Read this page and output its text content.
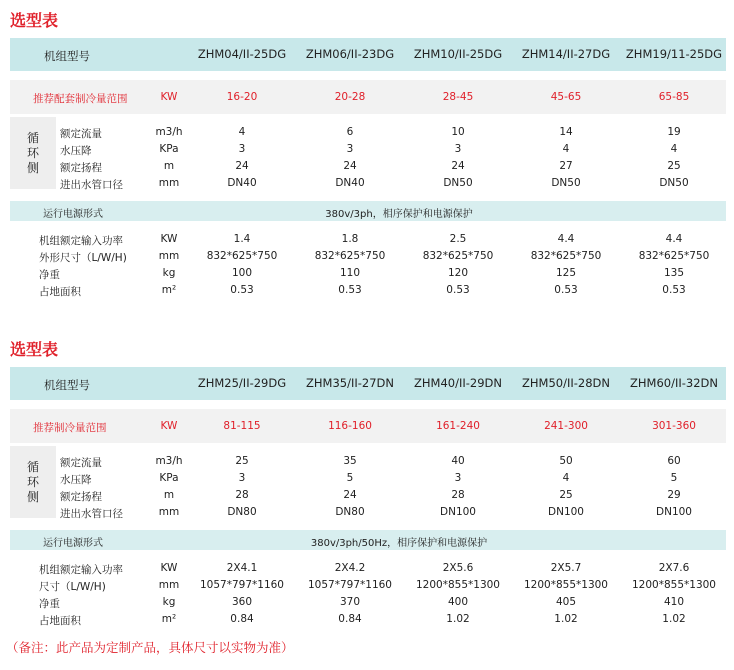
选型表
机组型号	ZHM04/II-25DG ZHM06/II-23DG ZHM10/II-25DG ZHM14/II-27DG ZHM19/11-25DG
推荐配套制冷量范围	KW	16-20	20-28	28-45	45-65	65-85
循
环
侧
额定流量	m3/h	4	6	10	14	19
水压降	KPa	3	3	3	4	4
额定扬程	m	24	24	24	27	25
进出水管口径	mm	DN40	DN40	DN50	DN50	DN50
运行电源形式	380v/3ph，相序保护和电源保护
机组额定输入功率	KW	1.4	1.8	2.5	4.4	4.4
外形尺寸（L/W/H)	mm	832*625*750	832*625*750	832*625*750	832*625*750	832*625*750
净重	kg	100	110	120	125	135
占地面积	m²	0.53	0.53	0.53	0.53	0.53
选型表
机组型号	ZHM25/II-29DG ZHM35/II-27DN ZHM40/II-29DN ZHM50/II-28DN ZHM60/II-32DN
推荐制冷量范围	KW	81-115	116-160	161-240	241-300	301-360
循
环
侧
额定流量	m3/h	25	35	40	50	60
水压降	KPa	3	5	3	4	5
额定扬程	m	28	24	28	25	29
进出水管口径	mm	DN80	DN80	DN100	DN100	DN100
运行电源形式	380v/3ph/50Hz，相序保护和电源保护
机组额定输入功率	KW	2X4.1	2X4.2	2X5.6	2X5.7	2X7.6
尺寸（L/W/H)	mm 1057*797*1160 1057*797*1160 1200*855*1300 1200*855*1300 1200*855*1300
净重	kg	360	370	400	405	410
占地面积	m²	0.84	0.84	1.02	1.02	1.02
（备注：此产品为定制产品，具体尺寸以实物为准）
